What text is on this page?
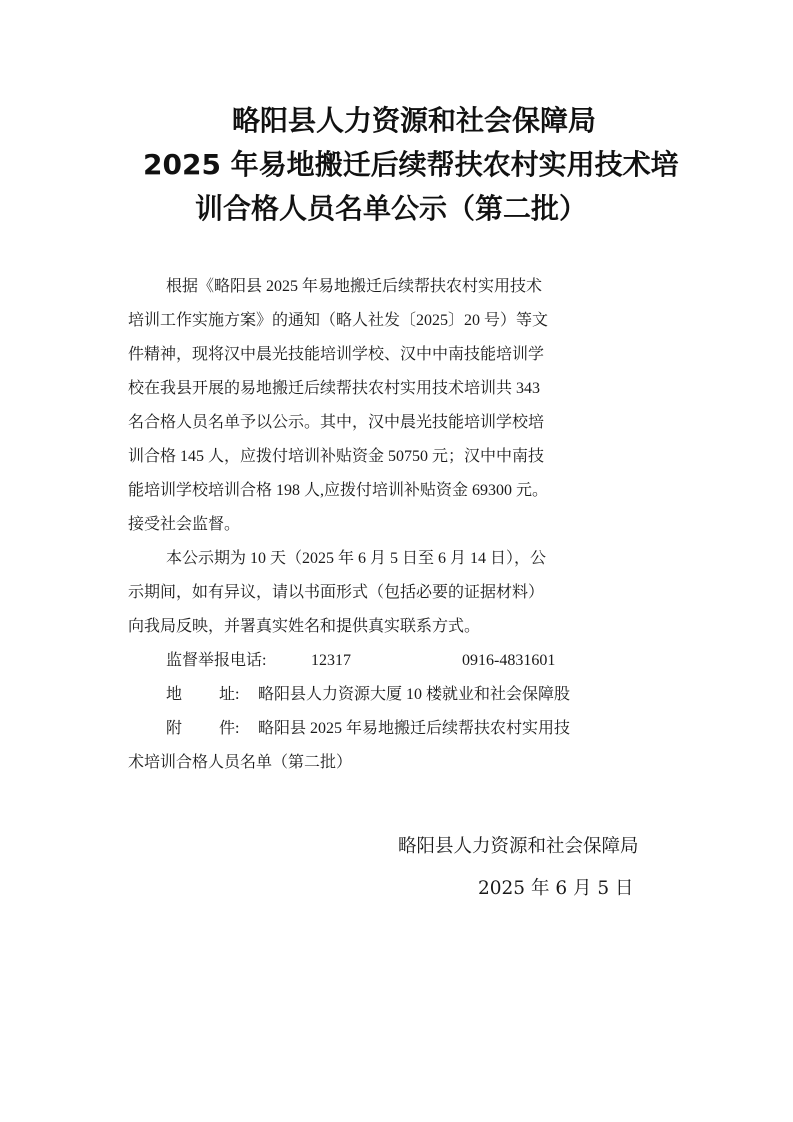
略阳县人力资源和社会保障局
2025 年易地搬迁后续帮扶农村实用技术培
训合格人员名单公示（第二批）
根据《略阳县 2025 年易地搬迁后续帮扶农村实用技术
培训工作实施方案》的通知（略人社发〔2025〕20 号）等文
件精神，现将汉中晨光技能培训学校、汉中中南技能培训学
校在我县开展的易地搬迁后续帮扶农村实用技术培训共 343
名合格人员名单予以公示。其中，汉中晨光技能培训学校培
训合格 145 人，应拨付培训补贴资金 50750 元；汉中中南技
能培训学校培训合格 198 人,应拨付培训补贴资金 69300 元。
接受社会监督。
本公示期为 10 天（2025 年 6 月 5 日至 6 月 14 日），公
示期间，如有异议，请以书面形式（包括必要的证据材料）
向我局反映，并署真实姓名和提供真实联系方式。
监督举报电话:	12317	0916-4831601
地 址: 略阳县人力资源大厦 10 楼就业和社会保障股
附 件: 略阳县 2025 年易地搬迁后续帮扶农村实用技
术培训合格人员名单（第二批）
略阳县人力资源和社会保障局
2025 年 6 月 5 日
